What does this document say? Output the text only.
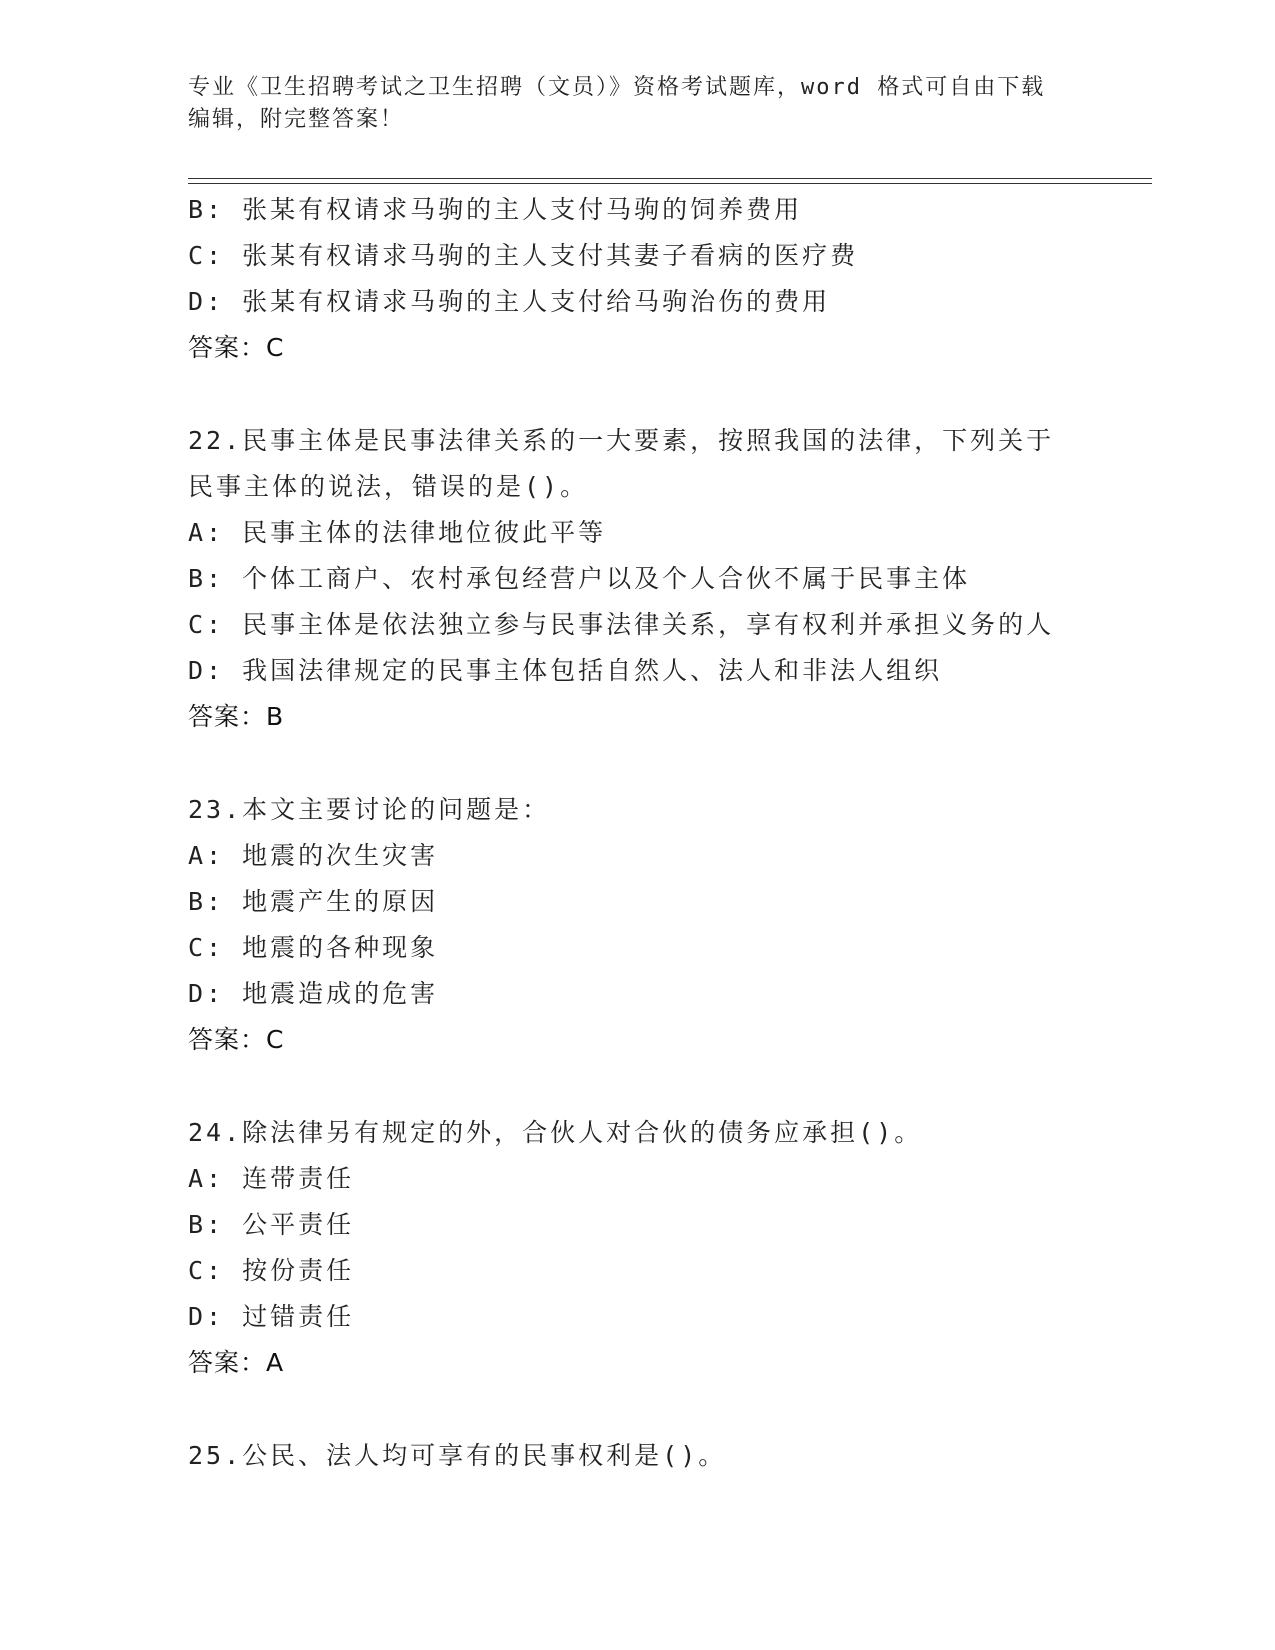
专业《卫生招聘考试之卫生招聘（文员）》资格考试题库，word 格式可自由下载
编辑，附完整答案！
B: 张某有权请求马驹的主人支付马驹的饲养费用
C: 张某有权请求马驹的主人支付其妻子看病的医疗费
D: 张某有权请求马驹的主人支付给马驹治伤的费用
答案：C
22.民事主体是民事法律关系的一大要素，按照我国的法律，下列关于
民事主体的说法，错误的是()。
A: 民事主体的法律地位彼此平等
B: 个体工商户、农村承包经营户以及个人合伙不属于民事主体
C: 民事主体是依法独立参与民事法律关系，享有权利并承担义务的人
D: 我国法律规定的民事主体包括自然人、法人和非法人组织
答案：B
23.本文主要讨论的问题是：
A: 地震的次生灾害
B: 地震产生的原因
C: 地震的各种现象
D: 地震造成的危害
答案：C
24.除法律另有规定的外，合伙人对合伙的债务应承担()。
A: 连带责任
B: 公平责任
C: 按份责任
D: 过错责任
答案：A
25.公民、法人均可享有的民事权利是()。
